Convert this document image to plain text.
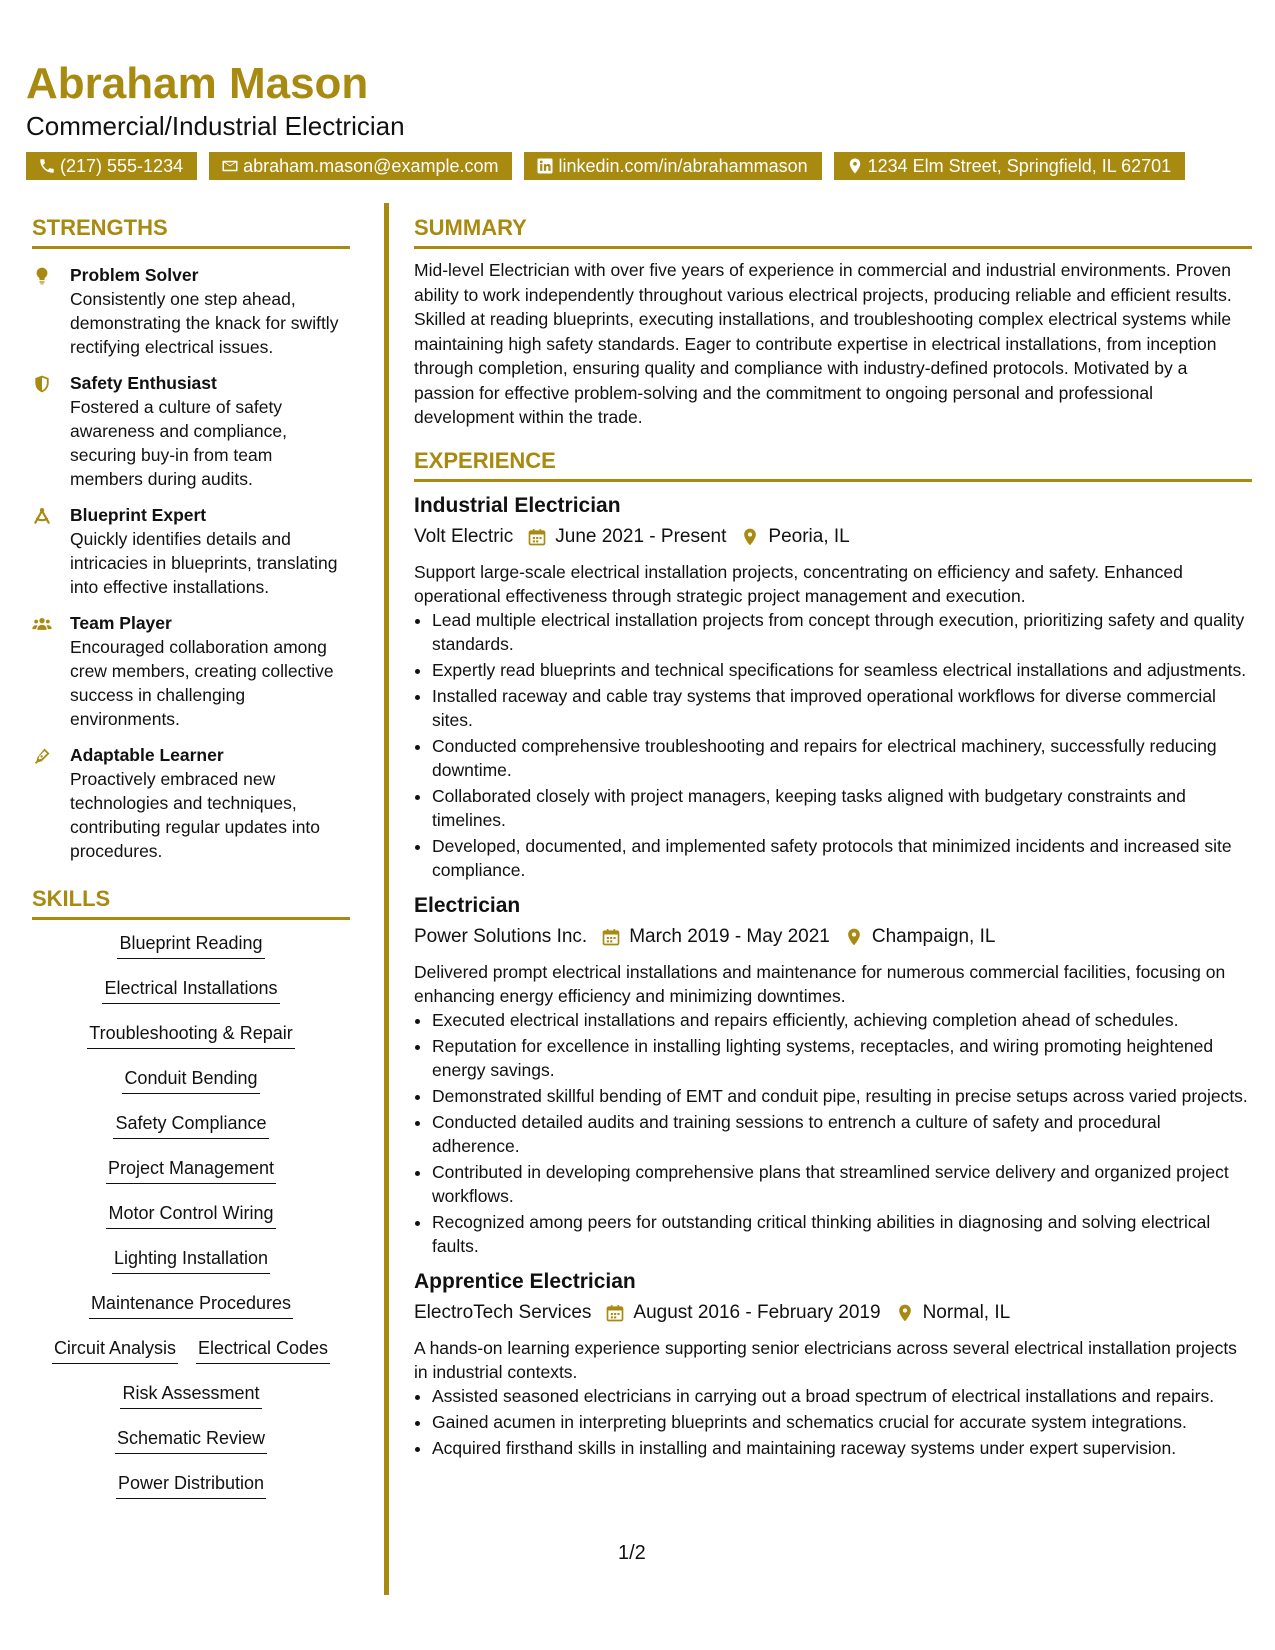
Abraham Mason
Commercial/Industrial Electrician
(217) 555-1234	abraham.mason@example.com	linkedin.com/in/abrahammason	1234 Elm Street, Springfield, IL 62701
STRENGTHS
Problem Solver
Consistently one step ahead, demonstrating the knack for swiftly rectifying electrical issues.
Safety Enthusiast
Fostered a culture of safety awareness and compliance, securing buy-in from team members during audits.
Blueprint Expert
Quickly identifies details and intricacies in blueprints, translating into effective installations.
Team Player
Encouraged collaboration among crew members, creating collective success in challenging environments.
Adaptable Learner
Proactively embraced new technologies and techniques, contributing regular updates into procedures.
SKILLS
Blueprint Reading
Electrical Installations
Troubleshooting & Repair
Conduit Bending
Safety Compliance
Project Management
Motor Control Wiring
Lighting Installation
Maintenance Procedures
Circuit Analysis Electrical Codes
Risk Assessment
Schematic Review
Power Distribution
SUMMARY

Mid-level Electrician with over five years of experience in commercial and industrial environments. Proven ability to work independently throughout various electrical projects, producing reliable and efficient results. Skilled at reading blueprints, executing installations, and troubleshooting complex electrical systems while maintaining high safety standards. Eager to contribute expertise in electrical installations, from inception through completion, ensuring quality and compliance with industry-defined protocols. Motivated by a passion for effective problem-solving and the commitment to ongoing personal and professional development within the trade.

EXPERIENCE
Industrial Electrician
Volt Electric June 2021 - Present Peoria, IL
Support large-scale electrical installation projects, concentrating on efficiency and safety. Enhanced operational effectiveness through strategic project management and execution.
• Lead multiple electrical installation projects from concept through execution, prioritizing safety and quality standards.
• Expertly read blueprints and technical specifications for seamless electrical installations and adjustments.
• Installed raceway and cable tray systems that improved operational workflows for diverse commercial sites.
• Conducted comprehensive troubleshooting and repairs for electrical machinery, successfully reducing downtime.
• Collaborated closely with project managers, keeping tasks aligned with budgetary constraints and timelines.
• Developed, documented, and implemented safety protocols that minimized incidents and increased site compliance.
Electrician
Power Solutions Inc. March 2019 - May 2021 Champaign, IL
Delivered prompt electrical installations and maintenance for numerous commercial facilities, focusing on enhancing energy efficiency and minimizing downtimes.
• Executed electrical installations and repairs efficiently, achieving completion ahead of schedules.
• Reputation for excellence in installing lighting systems, receptacles, and wiring promoting heightened energy savings.
• Demonstrated skillful bending of EMT and conduit pipe, resulting in precise setups across varied projects.
• Conducted detailed audits and training sessions to entrench a culture of safety and procedural adherence.
• Contributed in developing comprehensive plans that streamlined service delivery and organized project workflows.
• Recognized among peers for outstanding critical thinking abilities in diagnosing and solving electrical faults.
Apprentice Electrician
ElectroTech Services August 2016 - February 2019 Normal, IL
A hands-on learning experience supporting senior electricians across several electrical installation projects in industrial contexts.
• Assisted seasoned electricians in carrying out a broad spectrum of electrical installations and repairs.
• Gained acumen in interpreting blueprints and schematics crucial for accurate system integrations.
• Acquired firsthand skills in installing and maintaining raceway systems under expert supervision.
1/2
